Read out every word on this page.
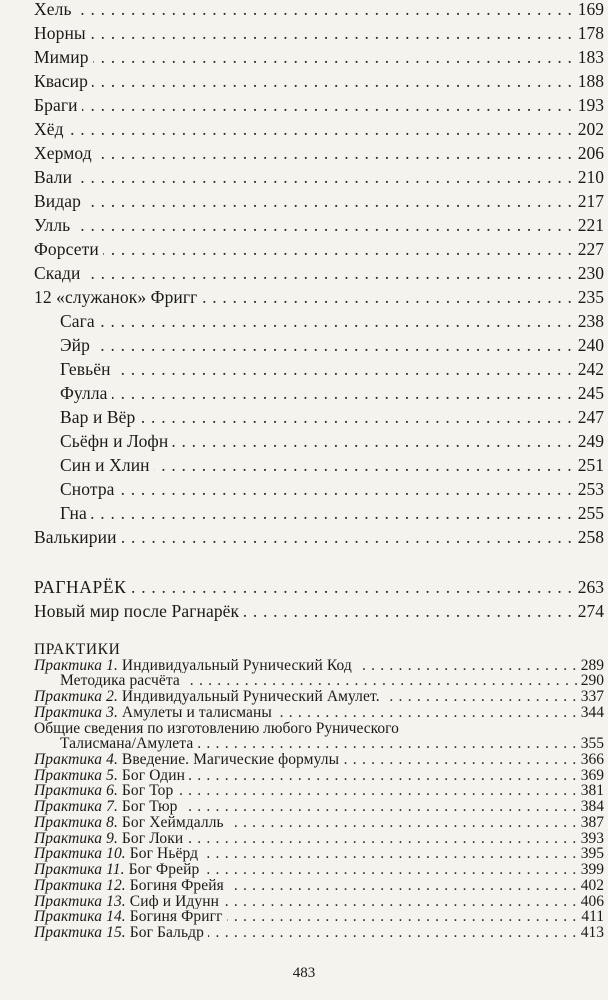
. . .
Хель	169
. . .
Норны	178
. . .
Мимир	183
. . .
Квасир	188
. . .
Браги	193
. . .
Хёд	202
. . .
Хермод	206
. . .
Вали	210
. . .
Видар	217
. . .
Улль	221
. . .
Форсети	227
. . .
Скади	230
. . .
12 «служанок» Фригг	235
. . .
Сага	238
. . .
Эйр	240
. . .
Гевьён	242
. . .
Фулла	245
. . .
Вар и Вёр	247
. . .
Сьёфн и Лофн	249
. . .
Син и Хлин	251
. . .
Снотра	253
. . .
Гна	255
. . .
Валькирии	258
. . .
РАГНАРЁК	263
. . .
Новый мир после Рагнарёк	274
ПРАКТИКИ
. . .
Практика 1. Индивидуальный Рунический Код	289
. . .
Методика расчёта	290
. . .
Практика 2. Индивидуальный Рунический Амулет.	337
. . .
Практика 3. Амулеты и талисманы	344
Общие сведения по изготовлению любого Рунического
. . .
Талисмана/Амулета	355
. . .
Практика 4. Введение. Магические формулы	366
. . .
Практика 5. Бог Один	369
. . .
Практика 6. Бог Тор	381
. . .
Практика 7. Бог Тюр	384
. . .
Практика 8. Бог Хеймдалль	387
. . .
Практика 9. Бог Локи	393
. . .
Практика 10. Бог Ньёрд	395
. . .
Практика 11. Бог Фрейр	399
. . .
Практика 12. Богиня Фрейя	402
. . .
Практика 13. Сиф и Идунн	406
. . .
Практика 14. Богиня Фригг	411
. . .
Практика 15. Бог Бальдр	413
483
